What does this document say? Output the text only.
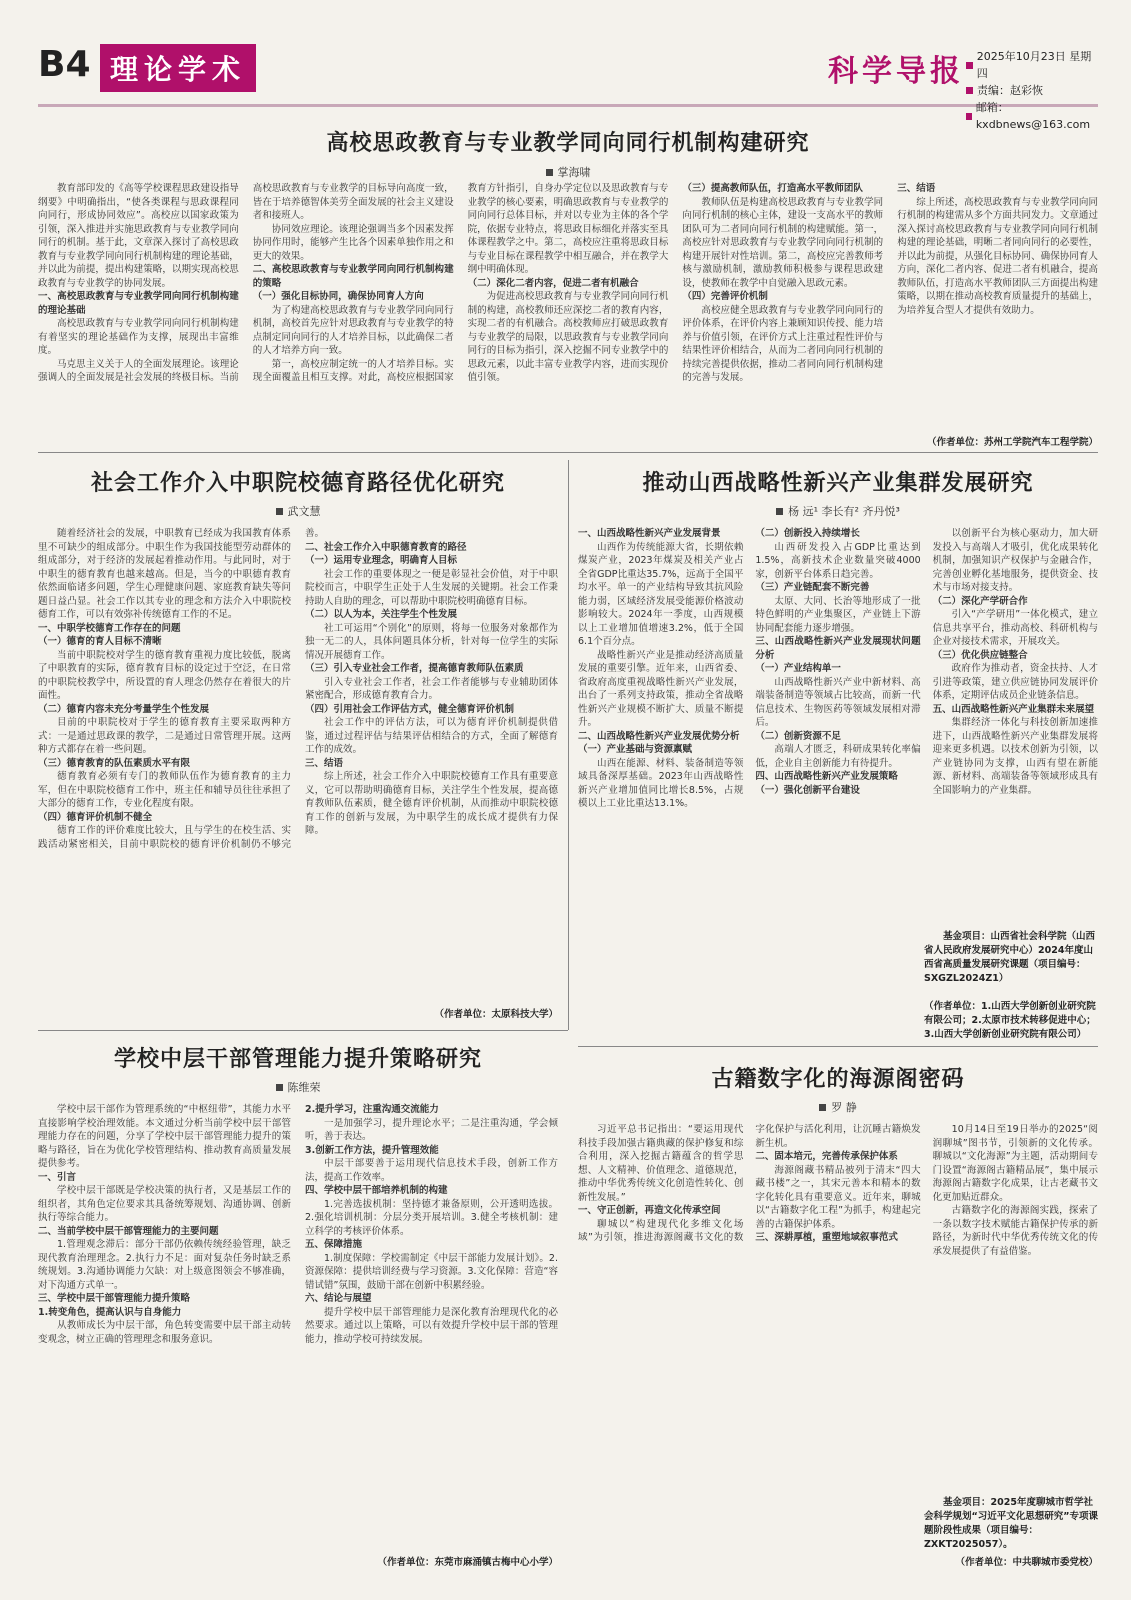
B4 理论学术	科学导报 2025年10月23日 星期四
责编：赵彩恢
邮箱：kxdbnews@163.com
高校思政教育与专业教学同向同行机制构建研究
掌海啸

教育部印发的《高等学校课程思政建设指导纲要》中明确指出，“使各类课程与思政课程同向同行，形成协同效应”。高校应以国家政策为引领，深入推进并实施思政教育与专业教学同向同行的机制。基于此，文章深入探讨了高校思政教育与专业教学同向同行机制构建的理论基础，并以此为前提，提出构建策略，以期实现高校思政教育与专业教学的协同发展。

一、高校思政教育与专业教学同向同行机制构建的理论基础

高校思政教育与专业教学同向同行机制构建有着坚实的理论基础作为支撑，展现出丰富维度。

马克思主义关于人的全面发展理论。该理论强调人的全面发展是社会发展的终极目标。当前高校思政教育与专业教学的目标导向高度一致，皆在于培养德智体美劳全面发展的社会主义建设者和接班人。

协同效应理论。该理论强调当多个因素发挥协同作用时，能够产生比各个因素单独作用之和更大的效果。

二、高校思政教育与专业教学同向同行机制构建的策略

（一）强化目标协同，确保协同育人方向

为了构建高校思政教育与专业教学同向同行机制，高校首先应针对思政教育与专业教学的特点制定同向同行的人才培养目标，以此确保二者的人才培养方向一致。

第一，高校应制定统一的人才培养目标。实现全面覆盖且相互支撑。对此，高校应根据国家教育方针指引，自身办学定位以及思政教育与专业教学的核心要素，明确思政教育与专业教学的同向同行总体目标，并对以专业为主体的各个学院，依据专业特点，将思政目标细化并落实至具体课程教学之中。第二，高校应注重将思政目标与专业目标在课程教学中相互融合，并在教学大纲中明确体现。

（二）深化二者内容，促进二者有机融合

为促进高校思政教育与专业教学同向同行机制的构建，高校教师还应深挖二者的教育内容，实现二者的有机融合。高校教师应打破思政教育与专业教学的局限，以思政教育与专业教学同向同行的目标为指引，深入挖掘不同专业教学中的思政元素，以此丰富专业教学内容，进而实现价值引领。

（三）提高教师队伍，打造高水平教师团队

教师队伍是构建高校思政教育与专业教学同向同行机制的核心主体，建设一支高水平的教师团队可为二者同向同行机制的构建赋能。第一，高校应针对思政教育与专业教学同向同行机制的构建开展针对性培训。第二，高校应完善教师考核与激励机制，激励教师积极参与课程思政建设，使教师在教学中自觉融入思政元素。

（四）完善评价机制

高校应健全思政教育与专业教学同向同行的评价体系，在评价内容上兼顾知识传授、能力培养与价值引领，在评价方式上注重过程性评价与结果性评价相结合，从而为二者同向同行机制的持续完善提供依据，推动二者同向同行机制构建的完善与发展。

三、结语

综上所述，高校思政教育与专业教学同向同行机制的构建需从多个方面共同发力。文章通过深入探讨高校思政教育与专业教学同向同行机制构建的理论基础，明晰二者同向同行的必要性，并以此为前提，从强化目标协同、确保协同育人方向，深化二者内容、促进二者有机融合，提高教师队伍，打造高水平教师团队三方面提出构建策略，以期在推动高校教育质量提升的基础上，为培养复合型人才提供有效助力。

（作者单位：苏州工学院汽车工程学院）
社会工作介入中职院校德育路径优化研究
武文慧

随着经济社会的发展，中职教育已经成为我国教育体系里不可缺少的组成部分。中职生作为我国技能型劳动群体的组成部分，对于经济的发展起着推动作用。与此同时，对于中职生的德育教育也越来越高。但是，当今的中职德育教育依然面临诸多问题，学生心理健康问题、家庭教育缺失等问题日益凸显。社会工作以其专业的理念和方法介入中职院校德育工作，可以有效弥补传统德育工作的不足。

一、中职学校德育工作存在的问题

（一）德育的育人目标不清晰

当前中职院校对学生的德育教育重视力度比较低，脱离了中职教育的实际，德育教育目标的设定过于空泛，在日常的中职院校教学中，所设置的育人理念仍然存在着很大的片面性。

（二）德育内容未充分考量学生个性发展

目前的中职院校对于学生的德育教育主要采取两种方式：一是通过思政课的教学，二是通过日常管理开展。这两种方式都存在着一些问题。

（三）德育教育的队伍素质水平有限

德育教育必须有专门的教师队伍作为德育教育的主力军，但在中职院校德育工作中，班主任和辅导员往往承担了大部分的德育工作，专业化程度有限。

（四）德育评价机制不健全

德育工作的评价难度比较大，且与学生的在校生活、实践活动紧密相关，目前中职院校的德育评价机制仍不够完善。

二、社会工作介入中职德育教育的路径

（一）运用专业理念，明确育人目标

社会工作的重要体现之一便是彰显社会价值，对于中职院校而言，中职学生正处于人生发展的关键期。社会工作秉持助人自助的理念，可以帮助中职院校明确德育目标。

（二）以人为本，关注学生个性发展

社工可运用“个别化”的原则，将每一位服务对象都作为独一无二的人，具体问题具体分析，针对每一位学生的实际情况开展德育工作。

（三）引入专业社会工作者，提高德育教师队伍素质

引入专业社会工作者，社会工作者能够与专业辅助团体紧密配合，形成德育教育合力。

（四）引用社会工作评估方式，健全德育评价机制

社会工作中的评估方法，可以为德育评价机制提供借鉴，通过过程评估与结果评估相结合的方式，全面了解德育工作的成效。

三、结语

综上所述，社会工作介入中职院校德育工作具有重要意义，它可以帮助明确德育目标，关注学生个性发展，提高德育教师队伍素质，健全德育评价机制，从而推动中职院校德育工作的创新与发展，为中职学生的成长成才提供有力保障。

（作者单位：太原科技大学）
推动山西战略性新兴产业集群发展研究
杨 远¹ 李长有² 齐丹悦³

一、山西战略性新兴产业发展背景

山西作为传统能源大省，长期依赖煤炭产业，2023年煤炭及相关产业占全省GDP比重达35.7%，远高于全国平均水平。单一的产业结构导致其抗风险能力弱，区域经济发展受能源价格波动影响较大。2024年一季度，山西规模以上工业增加值增速3.2%，低于全国6.1个百分点。

战略性新兴产业是推动经济高质量发展的重要引擎。近年来，山西省委、省政府高度重视战略性新兴产业发展，出台了一系列支持政策，推动全省战略性新兴产业规模不断扩大、质量不断提升。

二、山西战略性新兴产业发展优势分析

（一）产业基础与资源禀赋

山西在能源、材料、装备制造等领域具备深厚基础。2023年山西战略性新兴产业增加值同比增长8.5%，占规模以上工业比重达13.1%。

（二）创新投入持续增长

山西研发投入占GDP比重达到1.5%，高新技术企业数量突破4000家，创新平台体系日趋完善。

（三）产业链配套不断完善

太原、大同、长治等地形成了一批特色鲜明的产业集聚区，产业链上下游协同配套能力逐步增强。

三、山西战略性新兴产业发展现状问题分析

（一）产业结构单一

山西战略性新兴产业中新材料、高端装备制造等领域占比较高，而新一代信息技术、生物医药等领域发展相对滞后。

（二）创新资源不足

高端人才匮乏，科研成果转化率偏低，企业自主创新能力有待提升。

四、山西战略性新兴产业发展策略

（一）强化创新平台建设

以创新平台为核心驱动力，加大研发投入与高端人才吸引，优化成果转化机制，加强知识产权保护与金融合作，完善创业孵化基地服务，提供资金、技术与市场对接支持。

（二）深化产学研合作

引入“产学研用”一体化模式，建立信息共享平台，推动高校、科研机构与企业对接技术需求，开展攻关。

（三）优化供应链整合

政府作为推动者，资金扶持、人才引进等政策，建立供应链协同发展评价体系，定期评估成员企业链条信息。

五、山西战略性新兴产业集群未来展望

集群经济一体化与科技创新加速推进下，山西战略性新兴产业集群发展将迎来更多机遇。以技术创新为引领，以产业链协同为支撑，山西有望在新能源、新材料、高端装备等领域形成具有全国影响力的产业集群。

基金项目：山西省社会科学院（山西省人民政府发展研究中心）2024年度山西省高质量发展研究课题（项目编号：SXGZL2024Z1）
（作者单位：1.山西大学创新创业研究院有限公司；2.太原市技术转移促进中心；3.山西大学创新创业研究院有限公司）
学校中层干部管理能力提升策略研究
陈维荣

学校中层干部作为管理系统的“中枢纽带”，其能力水平直接影响学校治理效能。本文通过分析当前学校中层干部管理能力存在的问题，分享了学校中层干部管理能力提升的策略与路径，旨在为优化学校管理结构、推动教育高质量发展提供参考。

一、引言

学校中层干部既是学校决策的执行者，又是基层工作的组织者，其角色定位要求其具备统筹规划、沟通协调、创新执行等综合能力。

二、当前学校中层干部管理能力的主要问题

1.管理观念滞后：部分干部仍依赖传统经验管理，缺乏现代教育治理理念。2.执行力不足：面对复杂任务时缺乏系统规划。3.沟通协调能力欠缺：对上级意图领会不够准确，对下沟通方式单一。

三、学校中层干部管理能力提升策略

1.转变角色，提高认识与自身能力

从教师成长为中层干部，角色转变需要中层干部主动转变观念，树立正确的管理理念和服务意识。

2.提升学习，注重沟通交流能力

一是加强学习，提升理论水平；二是注重沟通，学会倾听，善于表达。

3.创新工作方法，提升管理效能

中层干部要善于运用现代信息技术手段，创新工作方法，提高工作效率。

四、学校中层干部培养机制的构建

1.完善选拔机制：坚持德才兼备原则，公开透明选拔。2.强化培训机制：分层分类开展培训。3.健全考核机制：建立科学的考核评价体系。

五、保障措施

1.制度保障：学校需制定《中层干部能力发展计划》。2.资源保障：提供培训经费与学习资源。3.文化保障：营造“容错试错”氛围，鼓励干部在创新中积累经验。

六、结论与展望

提升学校中层干部管理能力是深化教育治理现代化的必然要求。通过以上策略，可以有效提升学校中层干部的管理能力，推动学校可持续发展。

（作者单位：东莞市麻涌镇古梅中心小学）
古籍数字化的海源阁密码
罗 静

习近平总书记指出：“要运用现代科技手段加强古籍典藏的保护修复和综合利用，深入挖掘古籍蕴含的哲学思想、人文精神、价值理念、道德规范，推动中华优秀传统文化创造性转化、创新性发展。”

一、守正创新，再造文化传承空间

聊城以“构建现代化多维文化场域”为引领，推进海源阁藏书文化的数字化保护与活化利用，让沉睡古籍焕发新生机。

二、固本培元，完善传承保护体系

海源阁藏书精品被列于清末“四大藏书楼”之一，其宋元善本和精本的数字化转化具有重要意义。近年来，聊城以“古籍数字化工程”为抓手，构建起完善的古籍保护体系。

三、深耕厚植，重塑地域叙事范式

10月14日至19日举办的2025“阅润聊城”图书节，引领新的文化传承。聊城以“文化海源”为主题，活动期间专门设置“海源阁古籍精品展”，集中展示海源阁古籍数字化成果，让古老藏书文化更加贴近群众。

古籍数字化的海源阁实践，探索了一条以数字技术赋能古籍保护传承的新路径，为新时代中华优秀传统文化的传承发展提供了有益借鉴。

基金项目：2025年度聊城市哲学社会科学规划“习近平文化思想研究”专项课题阶段性成果（项目编号：ZXKT2025057）。
（作者单位：中共聊城市委党校）
